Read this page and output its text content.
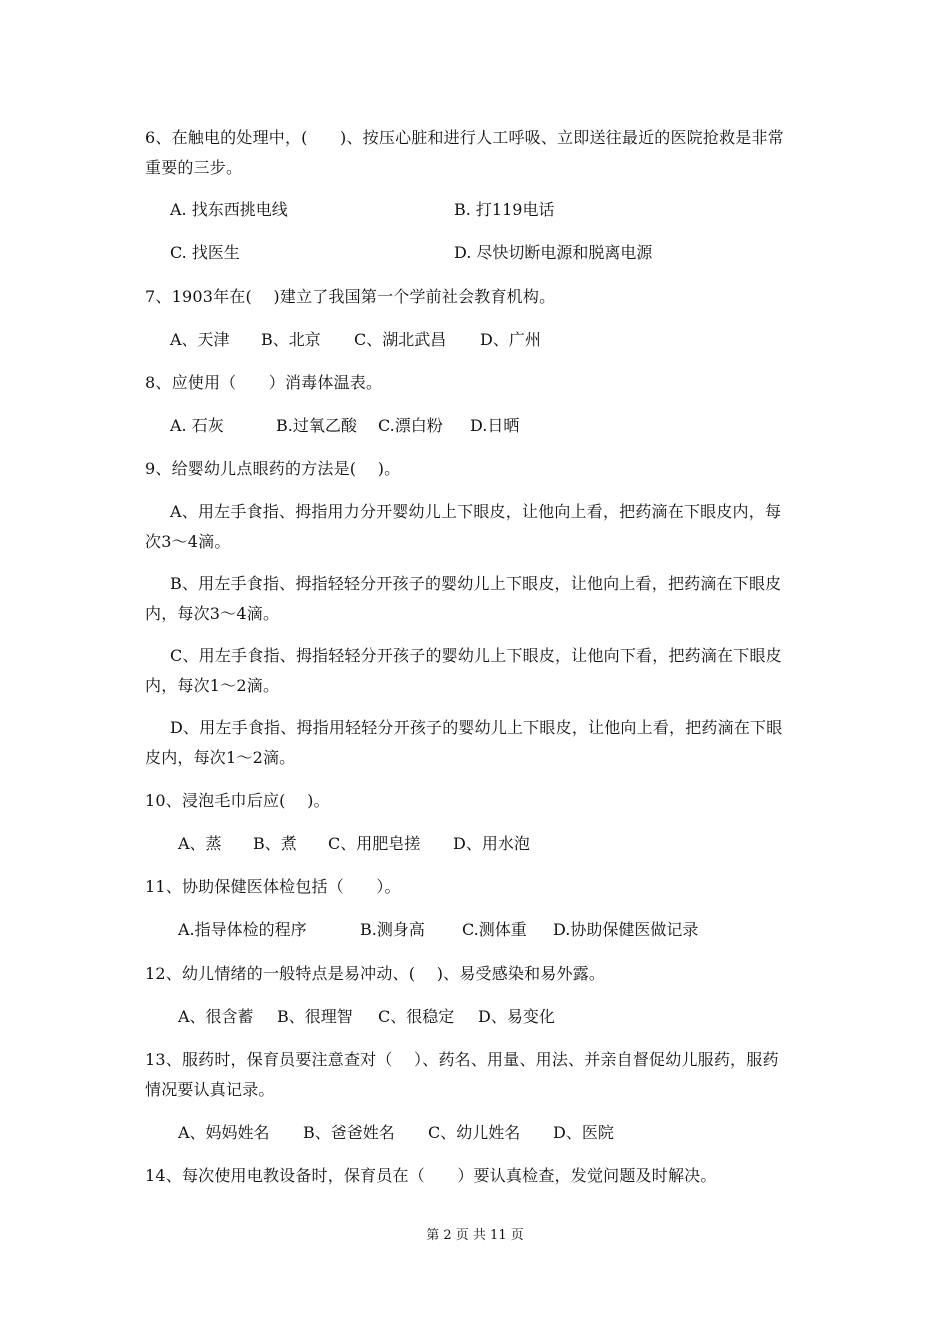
6、在触电的处理中，(　　)、按压心脏和进行人工呼吸、立即送往最近的医院抢救是非常
重要的三步。
A. 找东西挑电线	B. 打119电话
C. 找医生	D. 尽快切断电源和脱离电源
7、1903年在(　 )建立了我国第一个学前社会教育机构。
A、天津 B、北京 C、湖北武昌 D、广州
8、应使用（　　）消毒体温表。
A. 石灰	B.过氧乙酸 C.漂白粉 D.日晒
9、给婴幼儿点眼药的方法是(　 )。
A、用左手食指、拇指用力分开婴幼儿上下眼皮，让他向上看，把药滴在下眼皮内，每
次3～4滴。
B、用左手食指、拇指轻轻分开孩子的婴幼儿上下眼皮，让他向上看，把药滴在下眼皮
内，每次3～4滴。
C、用左手食指、拇指轻轻分开孩子的婴幼儿上下眼皮，让他向下看，把药滴在下眼皮
内，每次1～2滴。
D、用左手食指、拇指用轻轻分开孩子的婴幼儿上下眼皮，让他向上看，把药滴在下眼
皮内，每次1～2滴。
10、浸泡毛巾后应(　 )。
A、蒸 B、煮 C、用肥皂搓 D、用水泡
11、协助保健医体检包括（　　）。
A.指导体检的程序	B.测身高 C.测体重 D.协助保健医做记录
12、幼儿情绪的一般特点是易冲动、(　 )、易受感染和易外露。
A、很含蓄 B、很理智 C、很稳定 D、易变化
13、服药时，保育员要注意查对（　 ）、药名、用量、用法、并亲自督促幼儿服药，服药
情况要认真记录。
A、妈妈姓名 B、爸爸姓名 C、幼儿姓名 D、医院
14、每次使用电教设备时，保育员在（　　）要认真检查，发觉问题及时解决。
第 2 页 共 11 页
